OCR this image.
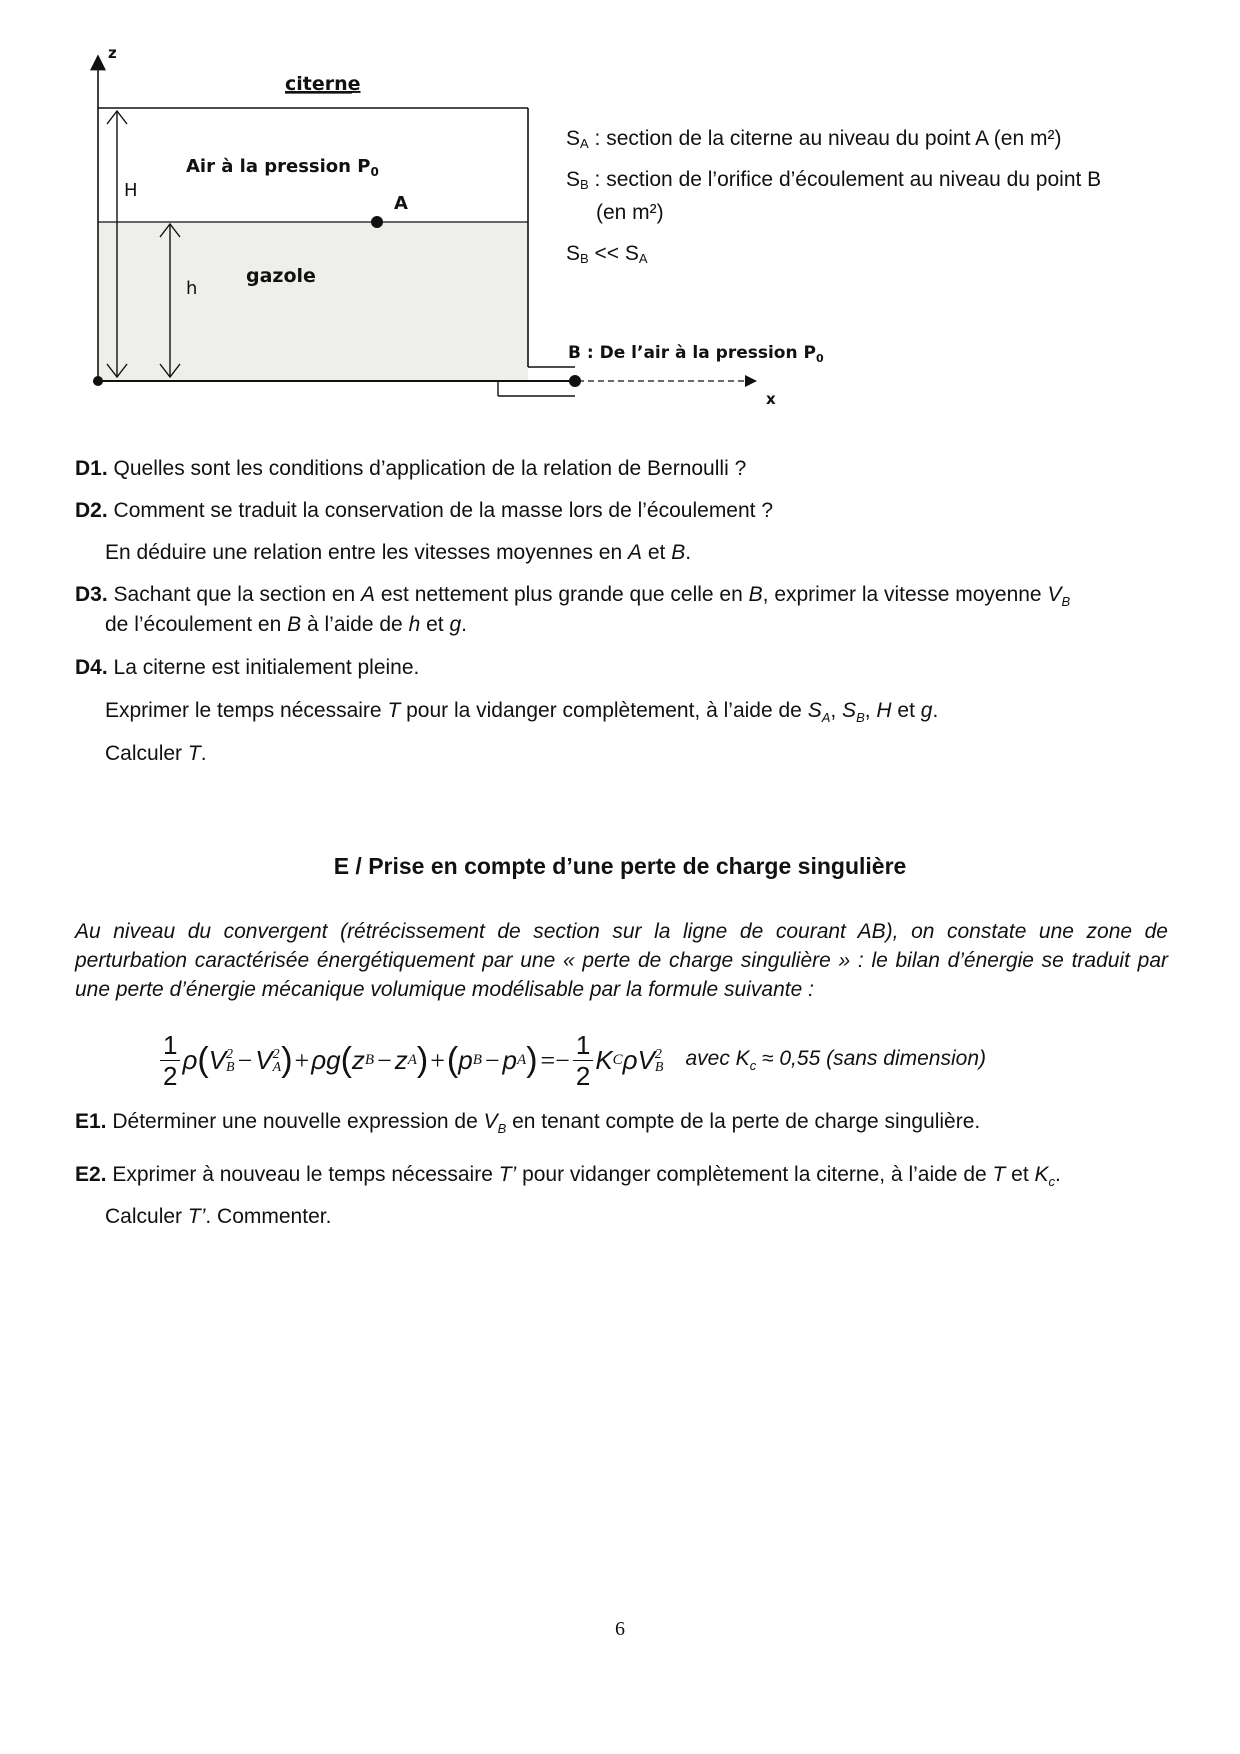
z
x
H
h
citerne
Air à la pression $P_0$
A
gazole
B : De l’air à la pression $P_0$
$S_A$ : section de la citerne au niveau du point A (en m²)
$S_B$ : section de l’orifice d’écoulement au niveau du point B
(en m²)
$S_B << S_A$
D1. Quelles sont les conditions d’application de la relation de Bernoulli ?
D2. Comment se traduit la conservation de la masse lors de l’écoulement ?
En déduire une relation entre les vitesses moyennes en A et B.
D3. Sachant que la section en A est nettement plus grande que celle en B, exprimer la vitesse moyenne $V_B$
de l’écoulement en B à l’aide de h et g.
D4. La citerne est initialement pleine.
Exprimer le temps nécessaire T pour la vidanger complètement, à l’aide de $S_A$, $S_B$, H et g.
Calculer T.
E / Prise en compte d’une perte de charge singulière
Au niveau du convergent (rétrécissement de section sur la ligne de courant AB), on constate une zone de perturbation caractérisée énergétiquement par une « perte de charge singulière » : le bilan d’énergie se traduit par une perte d’énergie mécanique volumique modélisable par la formule suivante :
$\frac{1}{2}$ ρ ( V 2
B − V 2
A ) + ρ g ( z B − z A ) + ( p B − p A ) =− $\frac{1}{2}$ K C ρ V 2
B avec $K_c \approx 0,55$ (sans dimension)
E1. Déterminer une nouvelle expression de $V_B$ en tenant compte de la perte de charge singulière.
E2. Exprimer à nouveau le temps nécessaire T’ pour vidanger complètement la citerne, à l’aide de T et $K_c$.
Calculer T’. Commenter.
6
